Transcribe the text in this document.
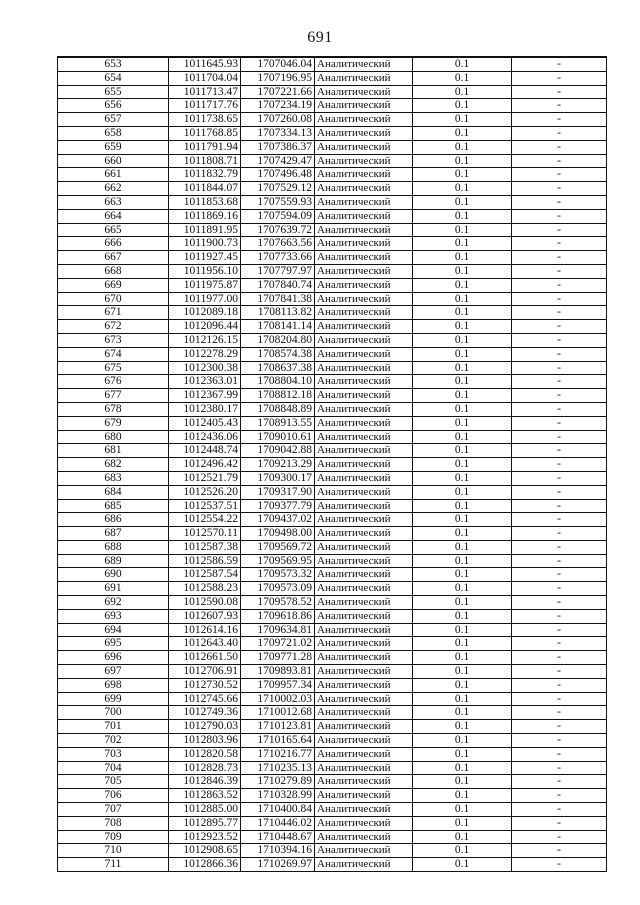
691
653	1011645.93	1707046.04	Аналитический	0.1	-
654	1011704.04	1707196.95	Аналитический	0.1	-
655	1011713.47	1707221.66	Аналитический	0.1	-
656	1011717.76	1707234.19	Аналитический	0.1	-
657	1011738.65	1707260.08	Аналитический	0.1	-
658	1011768.85	1707334.13	Аналитический	0.1	-
659	1011791.94	1707386.37	Аналитический	0.1	-
660	1011808.71	1707429.47	Аналитический	0.1	-
661	1011832.79	1707496.48	Аналитический	0.1	-
662	1011844.07	1707529.12	Аналитический	0.1	-
663	1011853.68	1707559.93	Аналитический	0.1	-
664	1011869.16	1707594.09	Аналитический	0.1	-
665	1011891.95	1707639.72	Аналитический	0.1	-
666	1011900.73	1707663.56	Аналитический	0.1	-
667	1011927.45	1707733.66	Аналитический	0.1	-
668	1011956.10	1707797.97	Аналитический	0.1	-
669	1011975.87	1707840.74	Аналитический	0.1	-
670	1011977.00	1707841.38	Аналитический	0.1	-
671	1012089.18	1708113.82	Аналитический	0.1	-
672	1012096.44	1708141.14	Аналитический	0.1	-
673	1012126.15	1708204.80	Аналитический	0.1	-
674	1012278.29	1708574.38	Аналитический	0.1	-
675	1012300.38	1708637.38	Аналитический	0.1	-
676	1012363.01	1708804.10	Аналитический	0.1	-
677	1012367.99	1708812.18	Аналитический	0.1	-
678	1012380.17	1708848.89	Аналитический	0.1	-
679	1012405.43	1708913.55	Аналитический	0.1	-
680	1012436.06	1709010.61	Аналитический	0.1	-
681	1012448.74	1709042.88	Аналитический	0.1	-
682	1012496.42	1709213.29	Аналитический	0.1	-
683	1012521.79	1709300.17	Аналитический	0.1	-
684	1012526.20	1709317.90	Аналитический	0.1	-
685	1012537.51	1709377.79	Аналитический	0.1	-
686	1012554.22	1709437.02	Аналитический	0.1	-
687	1012570.11	1709498.00	Аналитический	0.1	-
688	1012587.38	1709569.72	Аналитический	0.1	-
689	1012586.59	1709569.95	Аналитический	0.1	-
690	1012587.54	1709573.32	Аналитический	0.1	-
691	1012588.23	1709573.09	Аналитический	0.1	-
692	1012590.08	1709578.52	Аналитический	0.1	-
693	1012607.93	1709618.86	Аналитический	0.1	-
694	1012614.16	1709634.81	Аналитический	0.1	-
695	1012643.40	1709721.02	Аналитический	0.1	-
696	1012661.50	1709771.28	Аналитический	0.1	-
697	1012706.91	1709893.81	Аналитический	0.1	-
698	1012730.52	1709957.34	Аналитический	0.1	-
699	1012745.66	1710002.03	Аналитический	0.1	-
700	1012749.36	1710012.68	Аналитический	0.1	-
701	1012790.03	1710123.81	Аналитический	0.1	-
702	1012803.96	1710165.64	Аналитический	0.1	-
703	1012820.58	1710216.77	Аналитический	0.1	-
704	1012828.73	1710235.13	Аналитический	0.1	-
705	1012846.39	1710279.89	Аналитический	0.1	-
706	1012863.52	1710328.99	Аналитический	0.1	-
707	1012885.00	1710400.84	Аналитический	0.1	-
708	1012895.77	1710446.02	Аналитический	0.1	-
709	1012923.52	1710448.67	Аналитический	0.1	-
710	1012908.65	1710394.16	Аналитический	0.1	-
711	1012866.36	1710269.97	Аналитический	0.1	-
